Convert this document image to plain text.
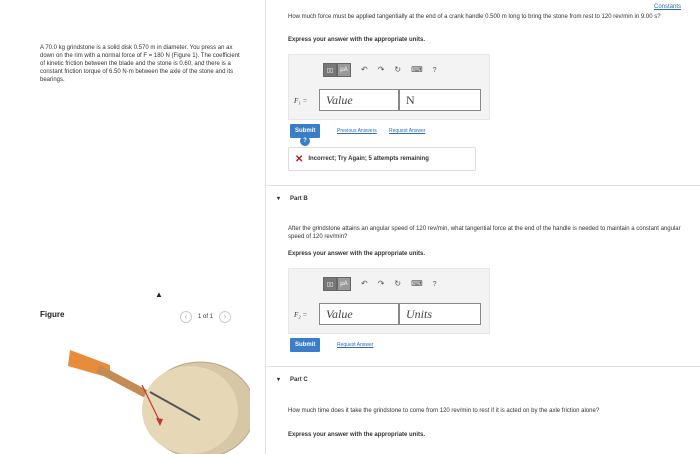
A 70.0 kg grindstone is a solid disk 0.570 m in diameter. You press an ax down on the rim with a normal force of F = 180 N (Figure 1). The coefficient of kinetic friction between the blade and the stone is 0.60, and there is a constant friction torque of 6.50 N·m between the axle of the stone and its bearings.
Figure	‹	1 of 1	›
▲
Constants
How much force must be applied tangentially at the end of a crank handle 0.500 m long to bring the stone from rest to 120 rev/min in 9.00 s?
Express your answer with the appropriate units.
▯▯	μA	↶ ↷ ↻ ⌨ ?
F₁ =	Value	N
Submit
?
Previous Answers Request Answer
✕ Incorrect; Try Again; 5 attempts remaining
▾ Part B
After the grindstone attains an angular speed of 120 rev/min, what tangential force at the end of the handle is needed to maintain a constant angular speed of 120 rev/min?
Express your answer with the appropriate units.
▯▯	μA	↶ ↷ ↻ ⌨ ?
F₂ =	Value	Units
Submit	Request Answer
▾ Part C
How much time does it take the grindstone to come from 120 rev/min to rest if it is acted on by the axle friction alone?
Express your answer with the appropriate units.
